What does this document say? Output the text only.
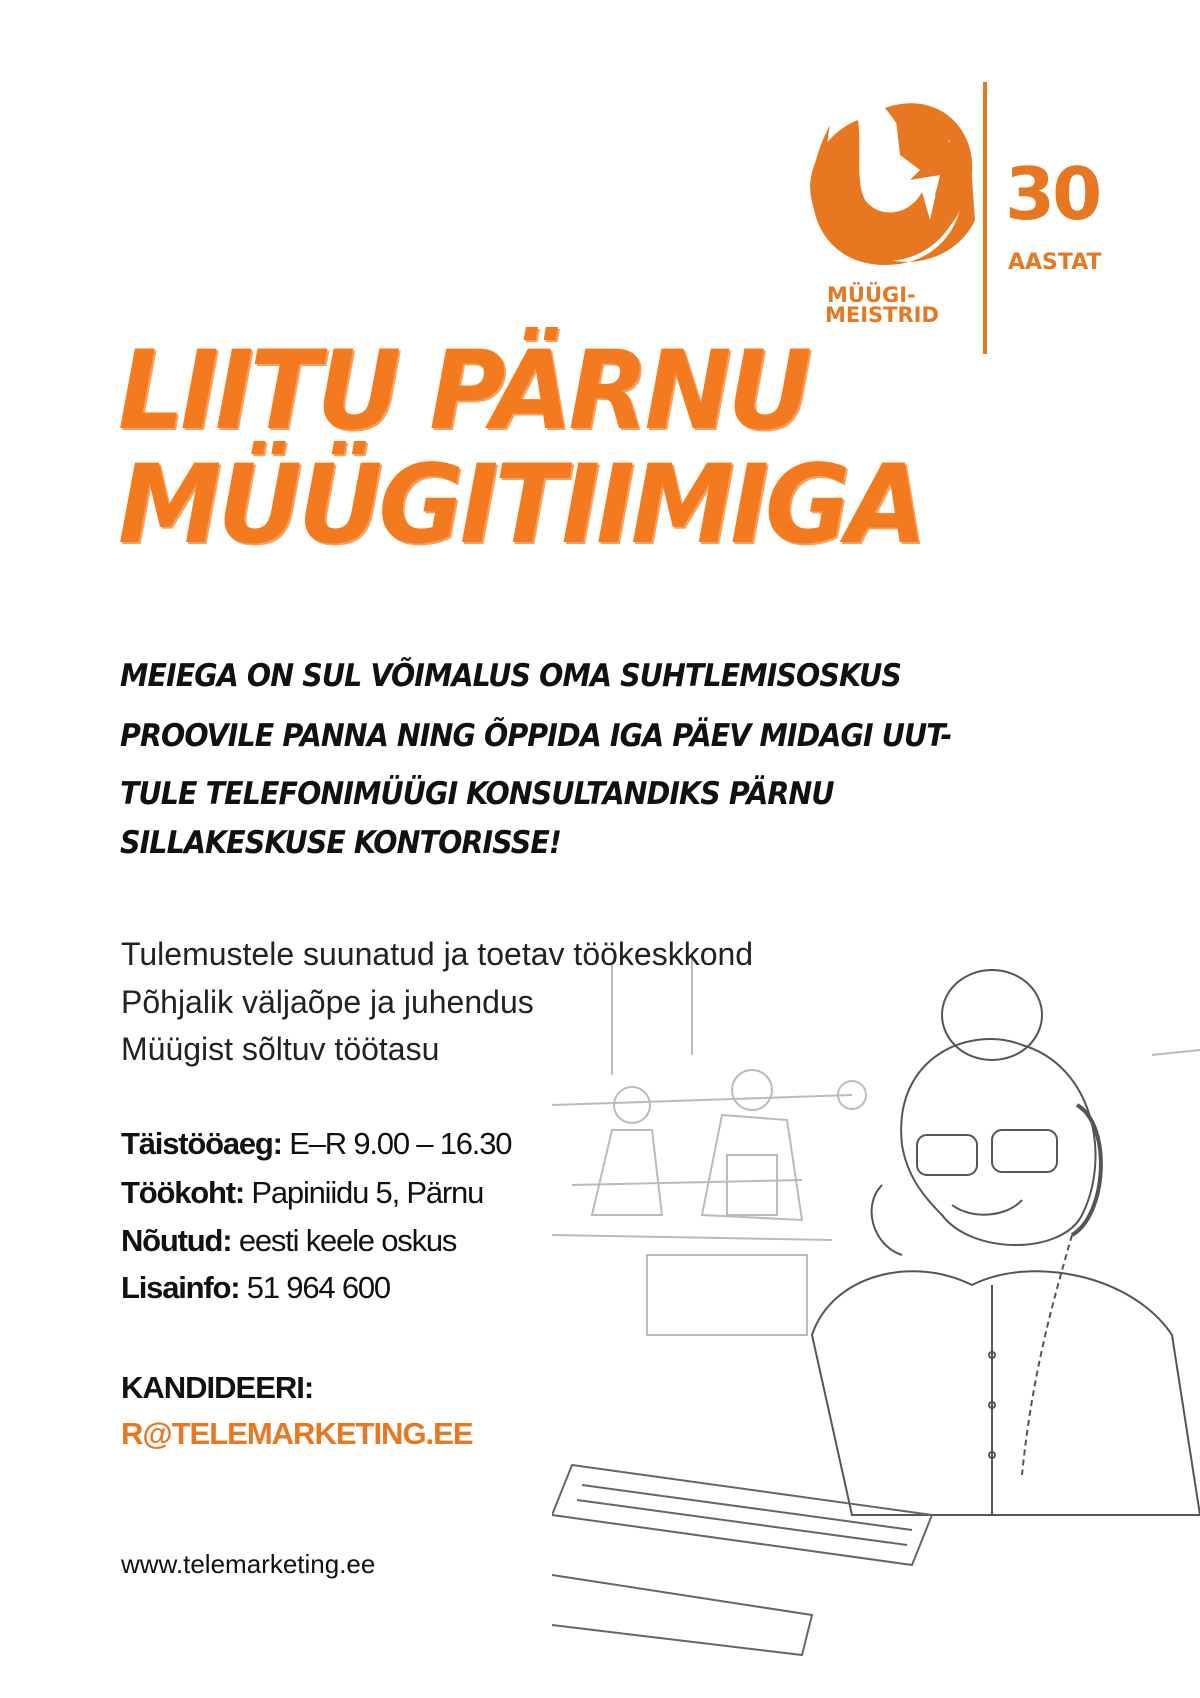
MÜÜGI-
MEISTRID
30
AASTAT
LIITU PÄRNU
MÜÜGITIIMIGA
MEIEGA ON SUL VÕIMALUS OMA SUHTLEMISOSKUS
PROOVILE PANNA NING ÕPPIDA IGA PÄEV MIDAGI UUT-
TULE TELEFONIMÜÜGI KONSULTANDIKS PÄRNU
SILLAKESKUSE KONTORISSE!
Tulemustele suunatud ja toetav töökeskkond
Põhjalik väljaõpe ja juhendus
Müügist sõltuv töötasu
Täistööaeg: E–R 9.00 – 16.30
Töökoht: Papiniidu 5, Pärnu
Nõutud: eesti keele oskus
Lisainfo: 51 964 600
KANDIDEERI:
R@TELEMARKETING.EE
www.telemarketing.ee
